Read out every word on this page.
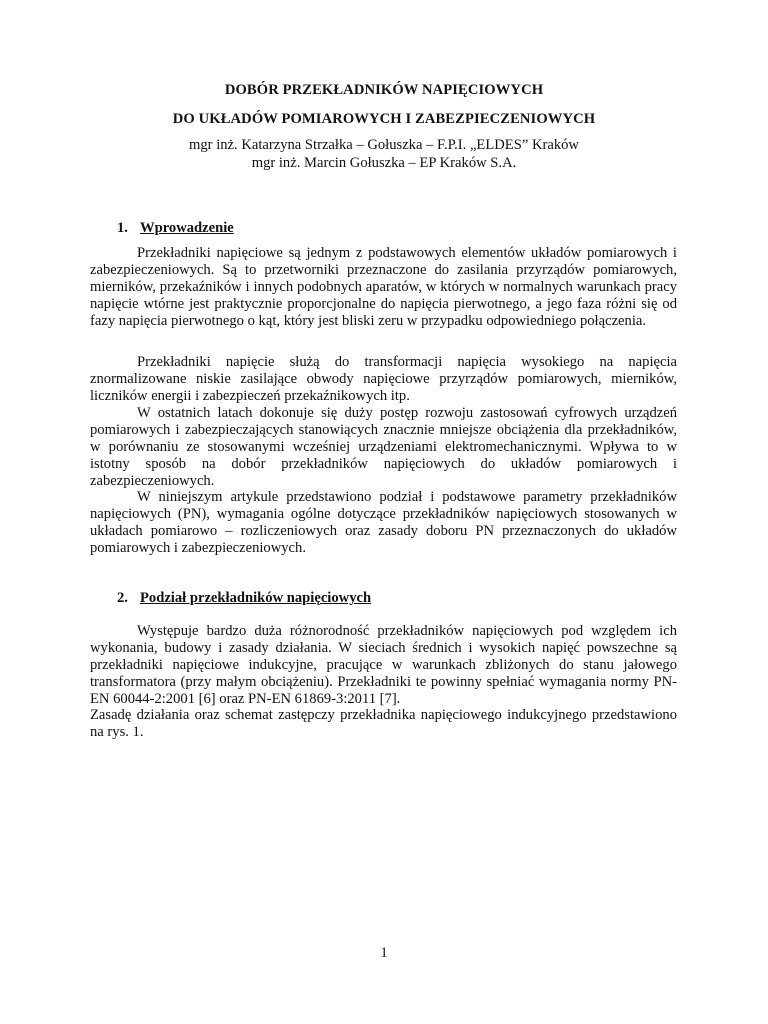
DOBÓR PRZEKŁADNIKÓW NAPIĘCIOWYCH
DO UKŁADÓW POMIAROWYCH I ZABEZPIECZENIOWYCH
mgr inż. Katarzyna Strzałka – Gołuszka – F.P.I. „ELDES” Kraków
mgr inż. Marcin Gołuszka – EP Kraków S.A.
1. Wprowadzenie

Przekładniki napięciowe są jednym z podstawowych elementów układów pomiarowych i zabezpieczeniowych. Są to przetworniki przeznaczone do zasilania przyrządów pomiarowych, mierników, przekaźników i innych podobnych aparatów, w których w normalnych warunkach pracy napięcie wtórne jest praktycznie proporcjonalne do napięcia pierwotnego, a jego faza różni się od fazy napięcia pierwotnego o kąt, który jest bliski zeru w przypadku odpowiedniego połączenia.

Przekładniki napięcie służą do transformacji napięcia wysokiego na napięcia znormalizowane niskie zasilające obwody napięciowe przyrządów pomiarowych, mierników, liczników energii i zabezpieczeń przekaźnikowych itp.

W ostatnich latach dokonuje się duży postęp rozwoju zastosowań cyfrowych urządzeń pomiarowych i zabezpieczających stanowiących znacznie mniejsze obciążenia dla przekładników, w porównaniu ze stosowanymi wcześniej urządzeniami elektromechanicznymi. Wpływa to w istotny sposób na dobór przekładników napięciowych do układów pomiarowych i zabezpieczeniowych.

W niniejszym artykule przedstawiono podział i podstawowe parametry przekładników napięciowych (PN), wymagania ogólne dotyczące przekładników napięciowych stosowanych w układach pomiarowo – rozliczeniowych oraz zasady doboru PN przeznaczonych do układów pomiarowych i zabezpieczeniowych.

2. Podział przekładników napięciowych

Występuje bardzo duża różnorodność przekładników napięciowych pod względem ich wykonania, budowy i zasady działania. W sieciach średnich i wysokich napięć powszechne są przekładniki napięciowe indukcyjne, pracujące w warunkach zbliżonych do stanu jałowego transformatora (przy małym obciążeniu). Przekładniki te powinny spełniać wymagania normy PN-EN 60044-2:2001 [6] oraz PN-EN 61869-3:2011 [7].

Zasadę działania oraz schemat zastępczy przekładnika napięciowego indukcyjnego przedstawiono na rys. 1.

1
